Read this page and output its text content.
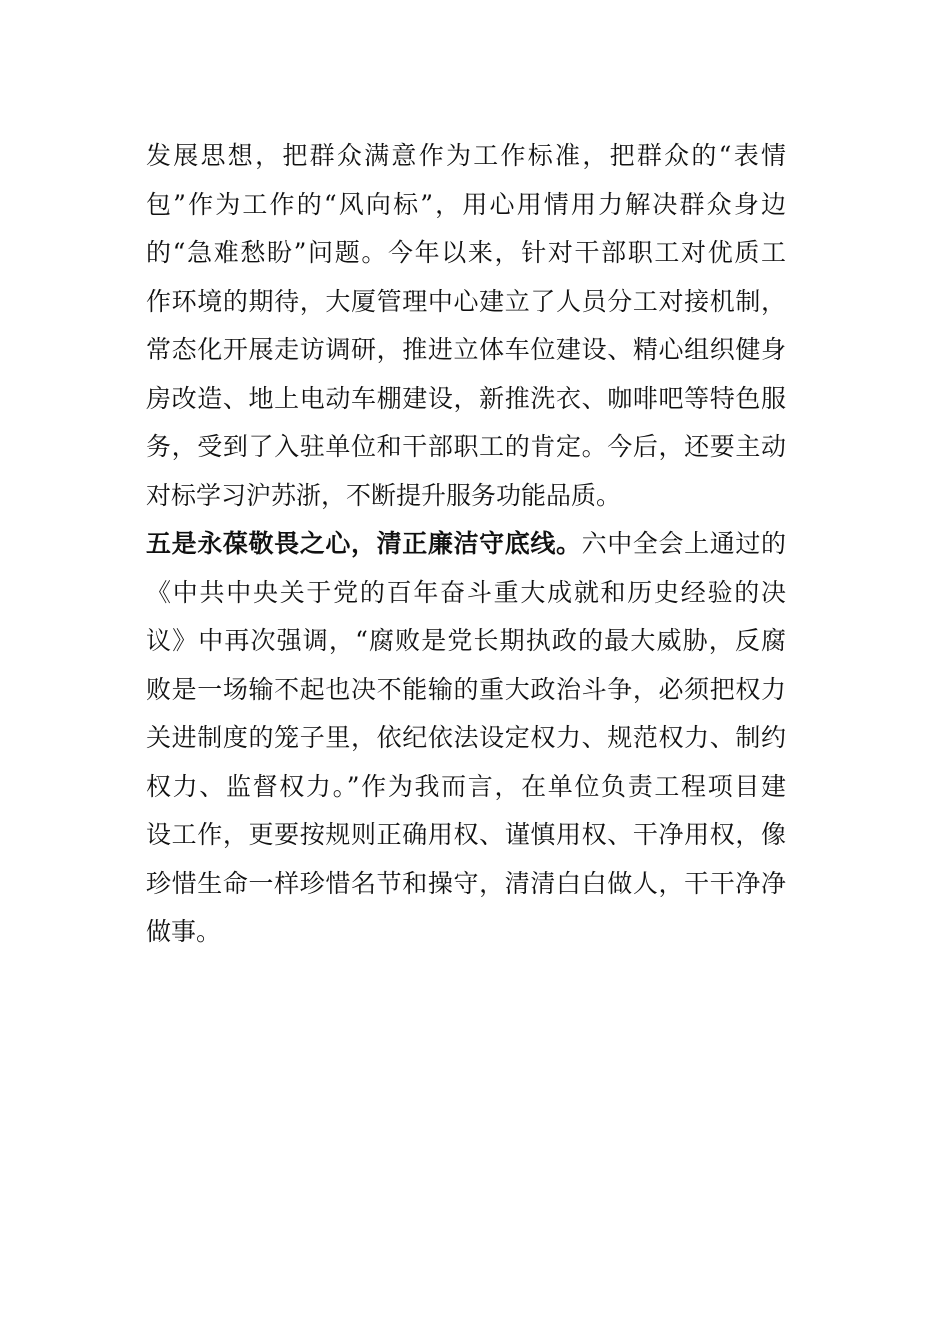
发展思想，把群众满意作为工作标准，把群众的“表情
包”作为工作的“风向标”，用心用情用力解决群众身边
的“急难愁盼”问题。今年以来，针对干部职工对优质工
作环境的期待，大厦管理中心建立了人员分工对接机制，
常态化开展走访调研，推进立体车位建设、精心组织健身
房改造、地上电动车棚建设，新推洗衣、咖啡吧等特色服
务，受到了入驻单位和干部职工的肯定。今后，还要主动
对标学习沪苏浙，不断提升服务功能品质。
五是永葆敬畏之心，清正廉洁守底线。六中全会上通过的
《中共中央关于党的百年奋斗重大成就和历史经验的决
议》中再次强调，“腐败是党长期执政的最大威胁，反腐
败是一场输不起也决不能输的重大政治斗争，必须把权力
关进制度的笼子里，依纪依法设定权力、规范权力、制约
权力、监督权力。”作为我而言，在单位负责工程项目建
设工作，更要按规则正确用权、谨慎用权、干净用权，像
珍惜生命一样珍惜名节和操守，清清白白做人，干干净净
做事。
